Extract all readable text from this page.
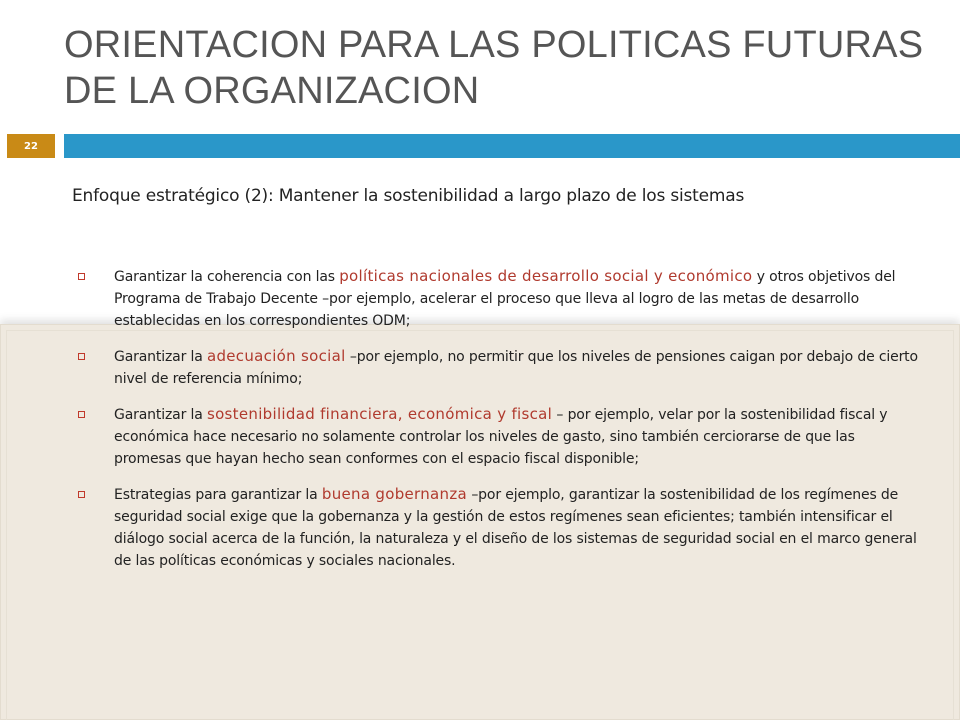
ORIENTACION PARA LAS POLITICAS FUTURAS
DE LA ORGANIZACION
22
Enfoque estratégico (2): Mantener la sostenibilidad a largo plazo de los sistemas
Garantizar la coherencia con las políticas nacionales de desarrollo social y económico y otros objetivos del Programa de Trabajo Decente –por ejemplo, acelerar el proceso que lleva al logro de las metas de desarrollo establecidas en los correspondientes ODM;
Garantizar la adecuación social –por ejemplo, no permitir que los niveles de pensiones caigan por debajo de cierto nivel de referencia mínimo;
Garantizar la sostenibilidad financiera, económica y fiscal – por ejemplo, velar por la sostenibilidad fiscal y económica hace necesario no solamente controlar los niveles de gasto, sino también cerciorarse de que las promesas que hayan hecho sean conformes con el espacio fiscal disponible;
Estrategias para garantizar la buena gobernanza –por ejemplo, garantizar la sostenibilidad de los regímenes de seguridad social exige que la gobernanza y la gestión de estos regímenes sean eficientes; también intensificar el diálogo social acerca de la función, la naturaleza y el diseño de los sistemas de seguridad social en el marco general de las políticas económicas y sociales nacionales.
